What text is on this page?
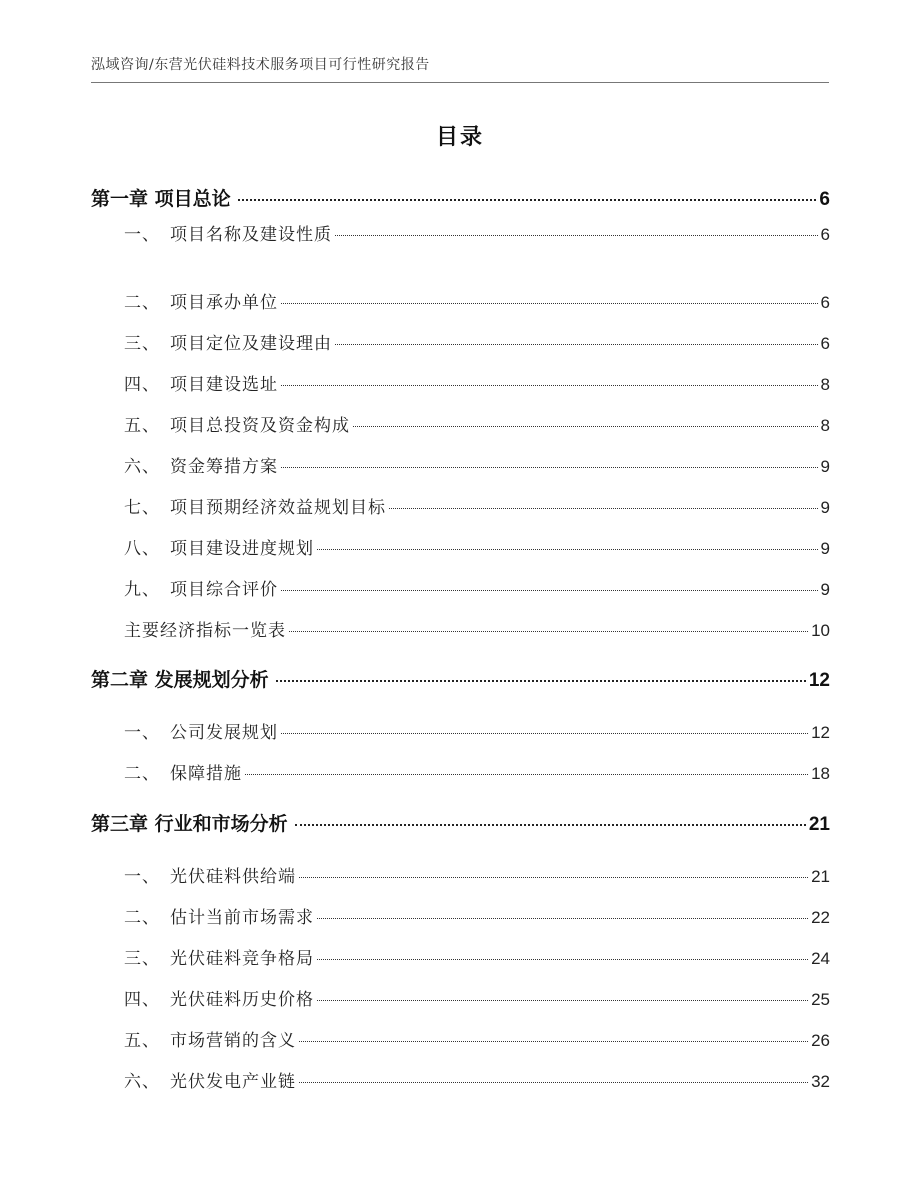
泓域咨询/东营光伏硅料技术服务项目可行性研究报告
目录
第一章 项目总论	6
一、 项目名称及建设性质	6
二、 项目承办单位	6
三、 项目定位及建设理由	6
四、 项目建设选址	8
五、 项目总投资及资金构成	8
六、 资金筹措方案	9
七、 项目预期经济效益规划目标	9
八、 项目建设进度规划	9
九、 项目综合评价	9
主要经济指标一览表	10
第二章 发展规划分析	12
一、 公司发展规划	12
二、 保障措施	18
第三章 行业和市场分析	21
一、 光伏硅料供给端	21
二、 估计当前市场需求	22
三、 光伏硅料竞争格局	24
四、 光伏硅料历史价格	25
五、 市场营销的含义	26
六、 光伏发电产业链	32
